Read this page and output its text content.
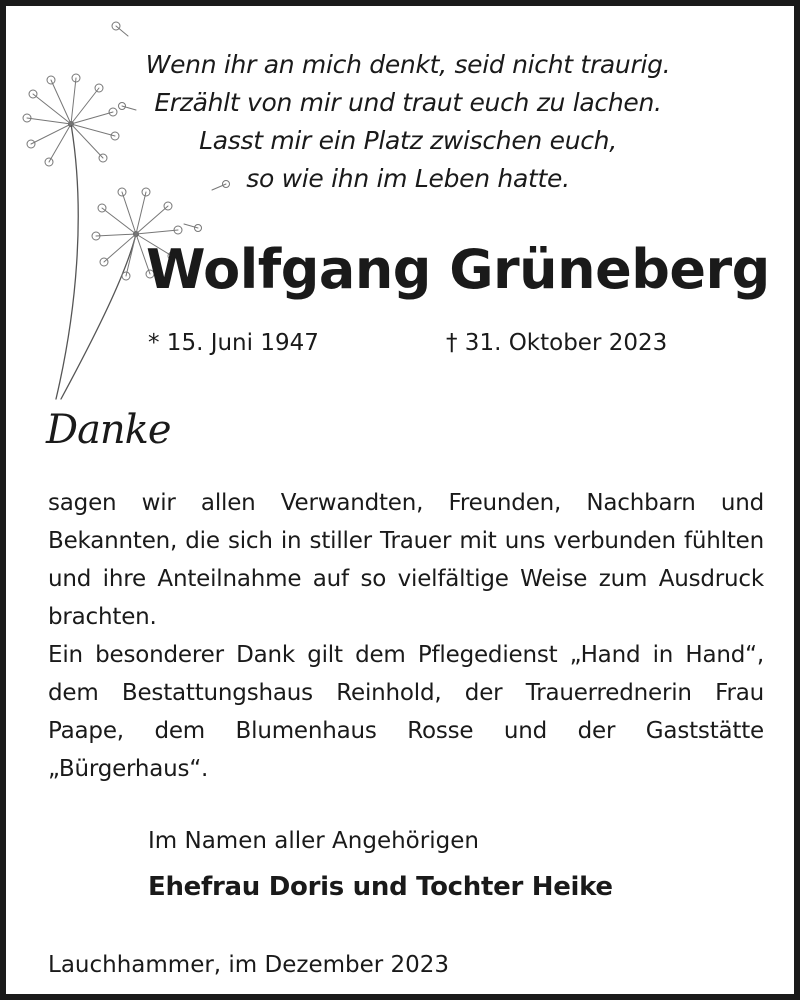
Wenn ihr an mich denkt, seid nicht traurig.
Erzählt von mir und traut euch zu lachen.
Lasst mir ein Platz zwischen euch,
so wie ihn im Leben hatte.
Wolfgang Grüneberg
* 15. Juni 1947	† 31. Oktober 2023
Danke

sagen wir allen Verwandten, Freunden, Nachbarn und Bekannten, die sich in stiller Trauer mit uns verbunden fühlten und ihre Anteilnahme auf so vielfältige Weise zum Ausdruck brachten.

Ein besonderer Dank gilt dem Pflegedienst „Hand in Hand“, dem Bestattungshaus Reinhold, der Trauerrednerin Frau Paape, dem Blumenhaus Rosse und der Gaststätte „Bürgerhaus“.

Im Namen aller Angehörigen
Ehefrau Doris und Tochter Heike
Lauchhammer, im Dezember 2023
